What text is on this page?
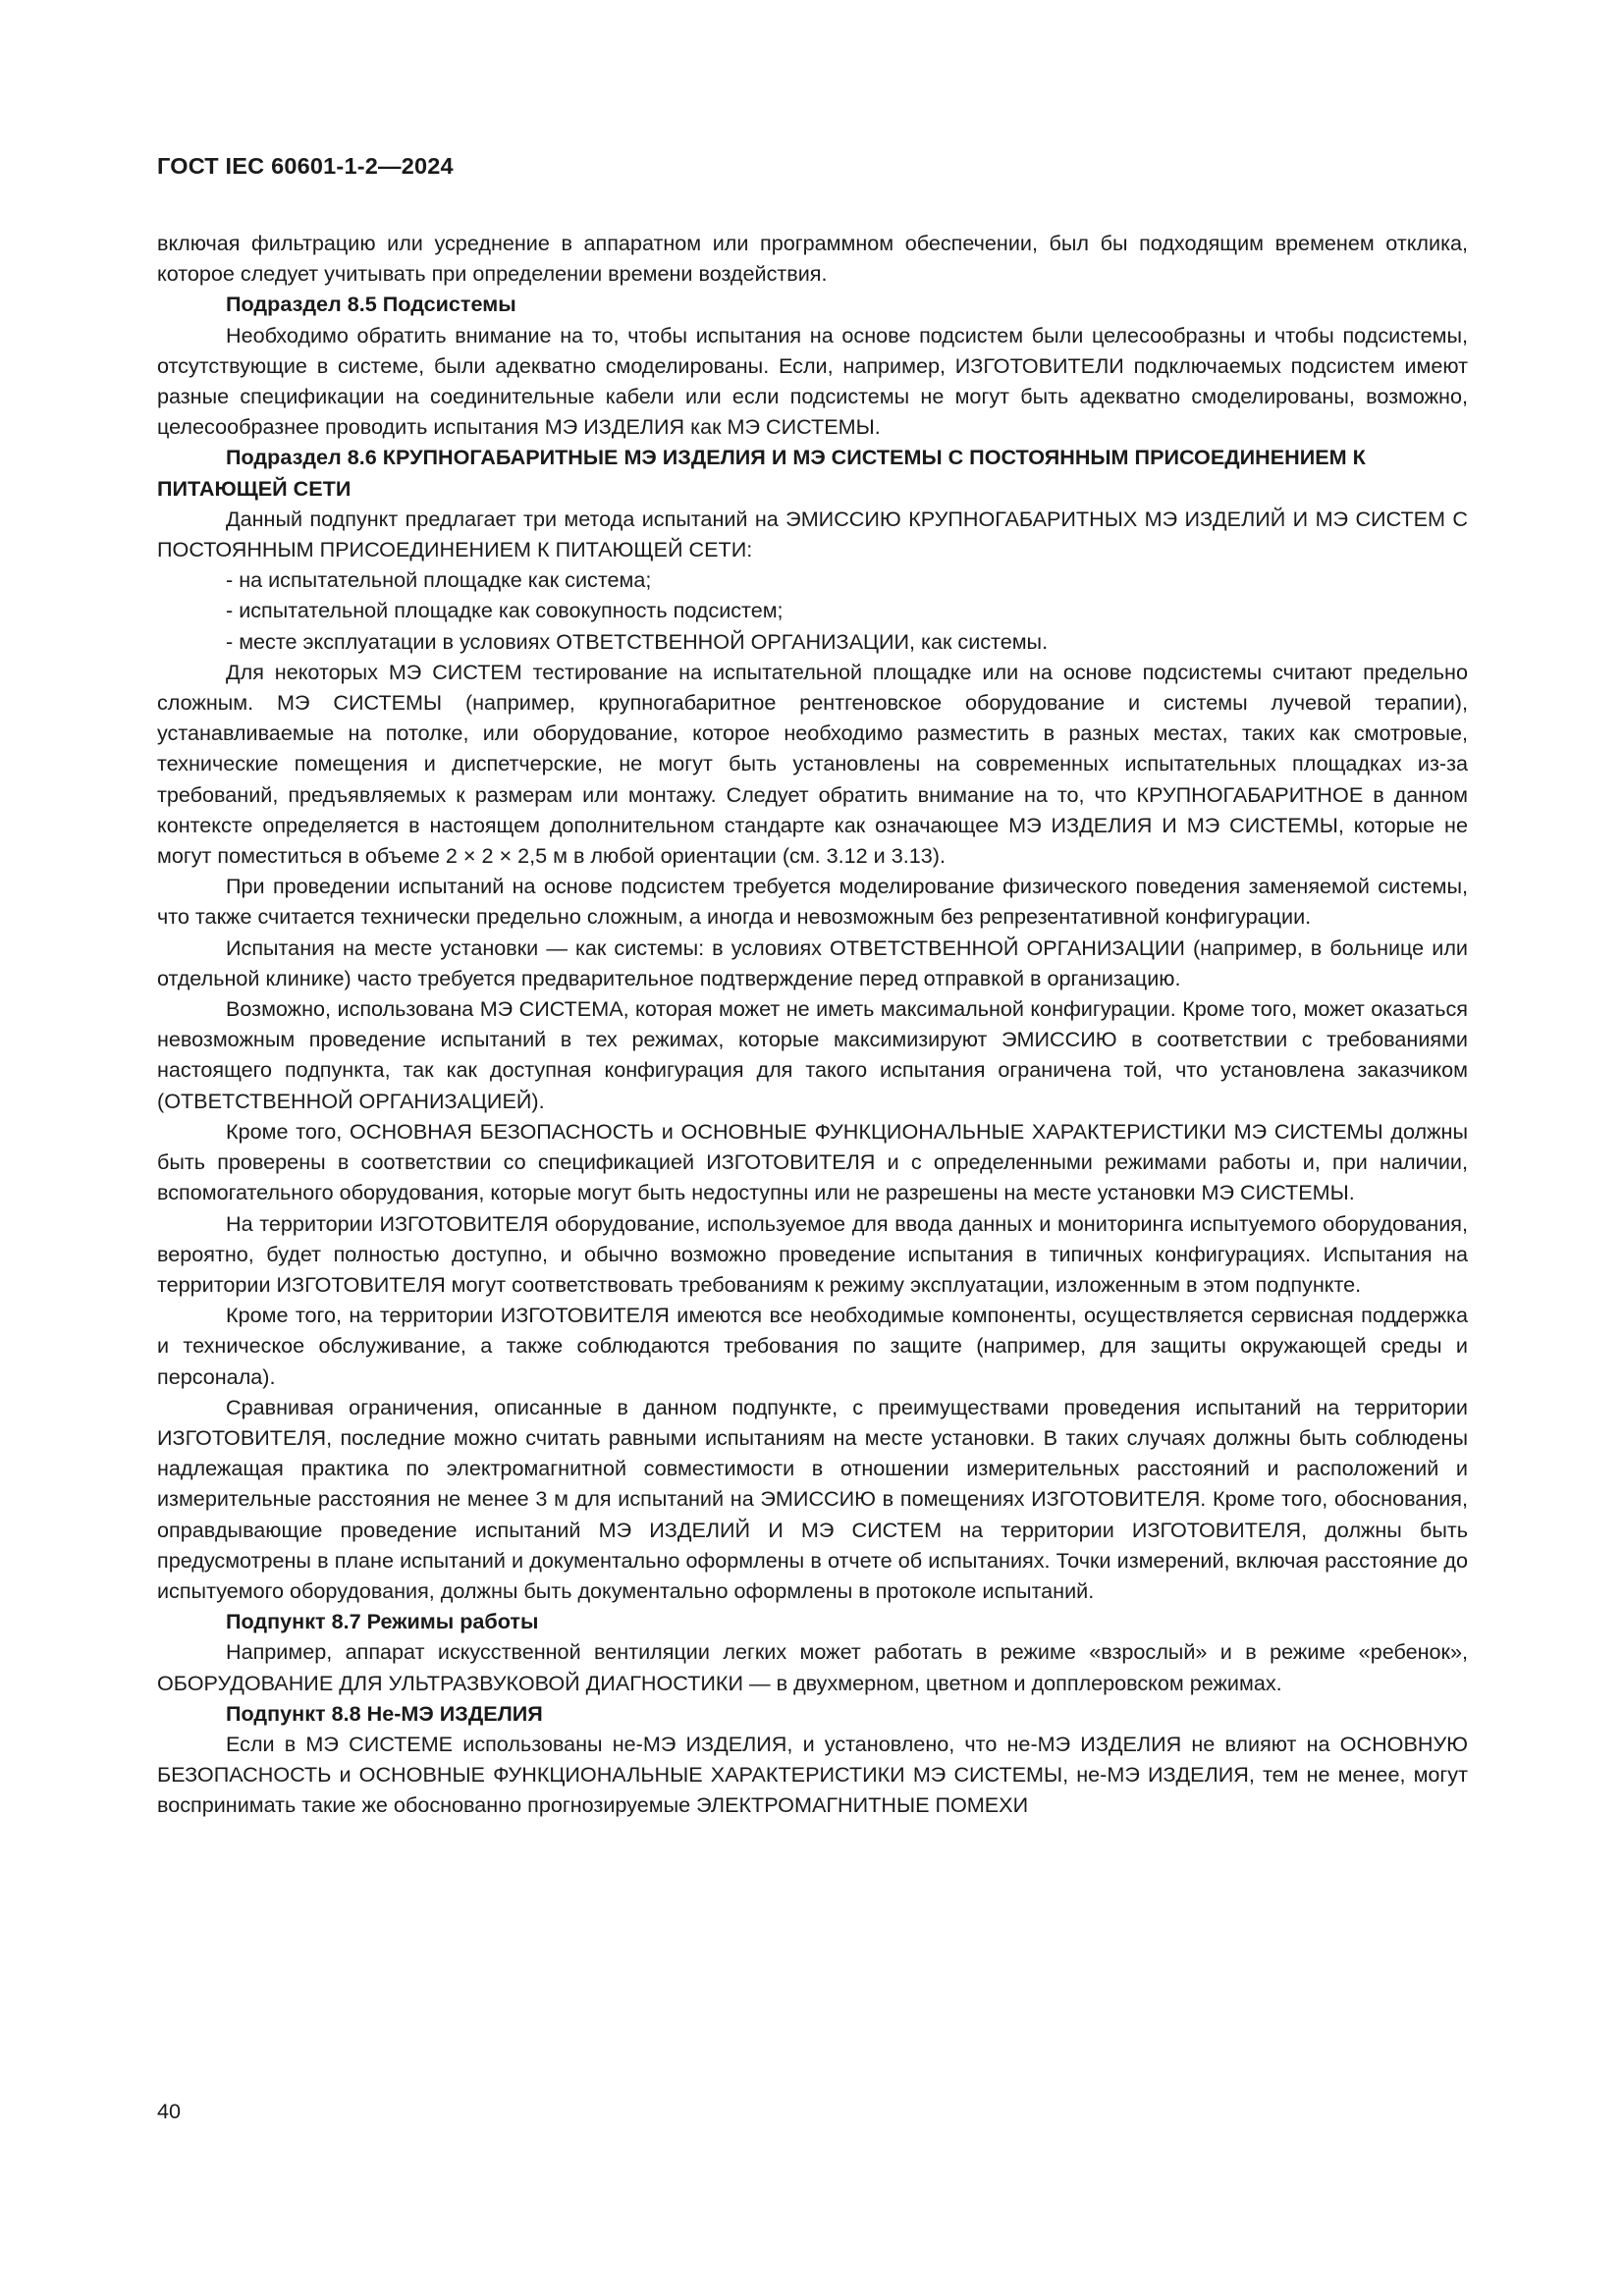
ГОСТ IEC 60601-1-2—2024

включая фильтрацию или усреднение в аппаратном или программном обеспечении, был бы подходящим временем отклика, которое следует учитывать при определении времени воздействия.

Подраздел 8.5 Подсистемы

Необходимо обратить внимание на то, чтобы испытания на основе подсистем были целесообразны и чтобы подсистемы, отсутствующие в системе, были адекватно смоделированы. Если, например, ИЗГОТОВИТЕЛИ подключаемых подсистем имеют разные спецификации на соединительные кабели или если подсистемы не могут быть адекватно смоделированы, возможно, целесообразнее проводить испытания МЭ ИЗДЕЛИЯ как МЭ СИСТЕМЫ.

Подраздел 8.6 КРУПНОГАБАРИТНЫЕ МЭ ИЗДЕЛИЯ И МЭ СИСТЕМЫ С ПОСТОЯННЫМ ПРИСОЕДИНЕНИЕМ К ПИТАЮЩЕЙ СЕТИ

Данный подпункт предлагает три метода испытаний на ЭМИССИЮ КРУПНОГАБАРИТНЫХ МЭ ИЗДЕЛИЙ И МЭ СИСТЕМ С ПОСТОЯННЫМ ПРИСОЕДИНЕНИЕМ К ПИТАЮЩЕЙ СЕТИ:

- на испытательной площадке как система;

- испытательной площадке как совокупность подсистем;

- месте эксплуатации в условиях ОТВЕТСТВЕННОЙ ОРГАНИЗАЦИИ, как системы.

Для некоторых МЭ СИСТЕМ тестирование на испытательной площадке или на основе подсистемы считают предельно сложным. МЭ СИСТЕМЫ (например, крупногабаритное рентгеновское оборудование и системы лучевой терапии), устанавливаемые на потолке, или оборудование, которое необходимо разместить в разных местах, таких как смотровые, технические помещения и диспетчерские, не могут быть установлены на современных испытательных площадках из-за требований, предъявляемых к размерам или монтажу. Следует обратить внимание на то, что КРУПНОГАБАРИТНОЕ в данном контексте определяется в настоящем дополнительном стандарте как означающее МЭ ИЗДЕЛИЯ И МЭ СИСТЕМЫ, которые не могут поместиться в объеме 2 × 2 × 2,5 м в любой ориентации (см. 3.12 и 3.13).

При проведении испытаний на основе подсистем требуется моделирование физического поведения заменяемой системы, что также считается технически предельно сложным, а иногда и невозможным без репрезентативной конфигурации.

Испытания на месте установки — как системы: в условиях ОТВЕТСТВЕННОЙ ОРГАНИЗАЦИИ (например, в больнице или отдельной клинике) часто требуется предварительное подтверждение перед отправкой в организацию.

Возможно, использована МЭ СИСТЕМА, которая может не иметь максимальной конфигурации. Кроме того, может оказаться невозможным проведение испытаний в тех режимах, которые максимизируют ЭМИССИЮ в соответствии с требованиями настоящего подпункта, так как доступная конфигурация для такого испытания ограничена той, что установлена заказчиком (ОТВЕТСТВЕННОЙ ОРГАНИЗАЦИЕЙ).

Кроме того, ОСНОВНАЯ БЕЗОПАСНОСТЬ и ОСНОВНЫЕ ФУНКЦИОНАЛЬНЫЕ ХАРАКТЕРИСТИКИ МЭ СИСТЕМЫ должны быть проверены в соответствии со спецификацией ИЗГОТОВИТЕЛЯ и с определенными режимами работы и, при наличии, вспомогательного оборудования, которые могут быть недоступны или не разрешены на месте установки МЭ СИСТЕМЫ.

На территории ИЗГОТОВИТЕЛЯ оборудование, используемое для ввода данных и мониторинга испытуемого оборудования, вероятно, будет полностью доступно, и обычно возможно проведение испытания в типичных конфигурациях. Испытания на территории ИЗГОТОВИТЕЛЯ могут соответствовать требованиям к режиму эксплуатации, изложенным в этом подпункте.

Кроме того, на территории ИЗГОТОВИТЕЛЯ имеются все необходимые компоненты, осуществляется сервисная поддержка и техническое обслуживание, а также соблюдаются требования по защите (например, для защиты окружающей среды и персонала).

Сравнивая ограничения, описанные в данном подпункте, с преимуществами проведения испытаний на территории ИЗГОТОВИТЕЛЯ, последние можно считать равными испытаниям на месте установки. В таких случаях должны быть соблюдены надлежащая практика по электромагнитной совместимости в отношении измерительных расстояний и расположений и измерительные расстояния не менее 3 м для испытаний на ЭМИССИЮ в помещениях ИЗГОТОВИТЕЛЯ. Кроме того, обоснования, оправдывающие проведение испытаний МЭ ИЗДЕЛИЙ И МЭ СИСТЕМ на территории ИЗГОТОВИТЕЛЯ, должны быть предусмотрены в плане испытаний и документально оформлены в отчете об испытаниях. Точки измерений, включая расстояние до испытуемого оборудования, должны быть документально оформлены в протоколе испытаний.

Подпункт 8.7 Режимы работы

Например, аппарат искусственной вентиляции легких может работать в режиме «взрослый» и в режиме «ребенок», ОБОРУДОВАНИЕ ДЛЯ УЛЬТРАЗВУКОВОЙ ДИАГНОСТИКИ — в двухмерном, цветном и допплеровском режимах.

Подпункт 8.8 Не-МЭ ИЗДЕЛИЯ

Если в МЭ СИСТЕМЕ использованы не-МЭ ИЗДЕЛИЯ, и установлено, что не-МЭ ИЗДЕЛИЯ не влияют на ОСНОВНУЮ БЕЗОПАСНОСТЬ и ОСНОВНЫЕ ФУНКЦИОНАЛЬНЫЕ ХАРАКТЕРИСТИКИ МЭ СИСТЕМЫ, не-МЭ ИЗДЕЛИЯ, тем не менее, могут воспринимать такие же обоснованно прогнозируемые ЭЛЕКТРОМАГНИТНЫЕ ПОМЕХИ

40
